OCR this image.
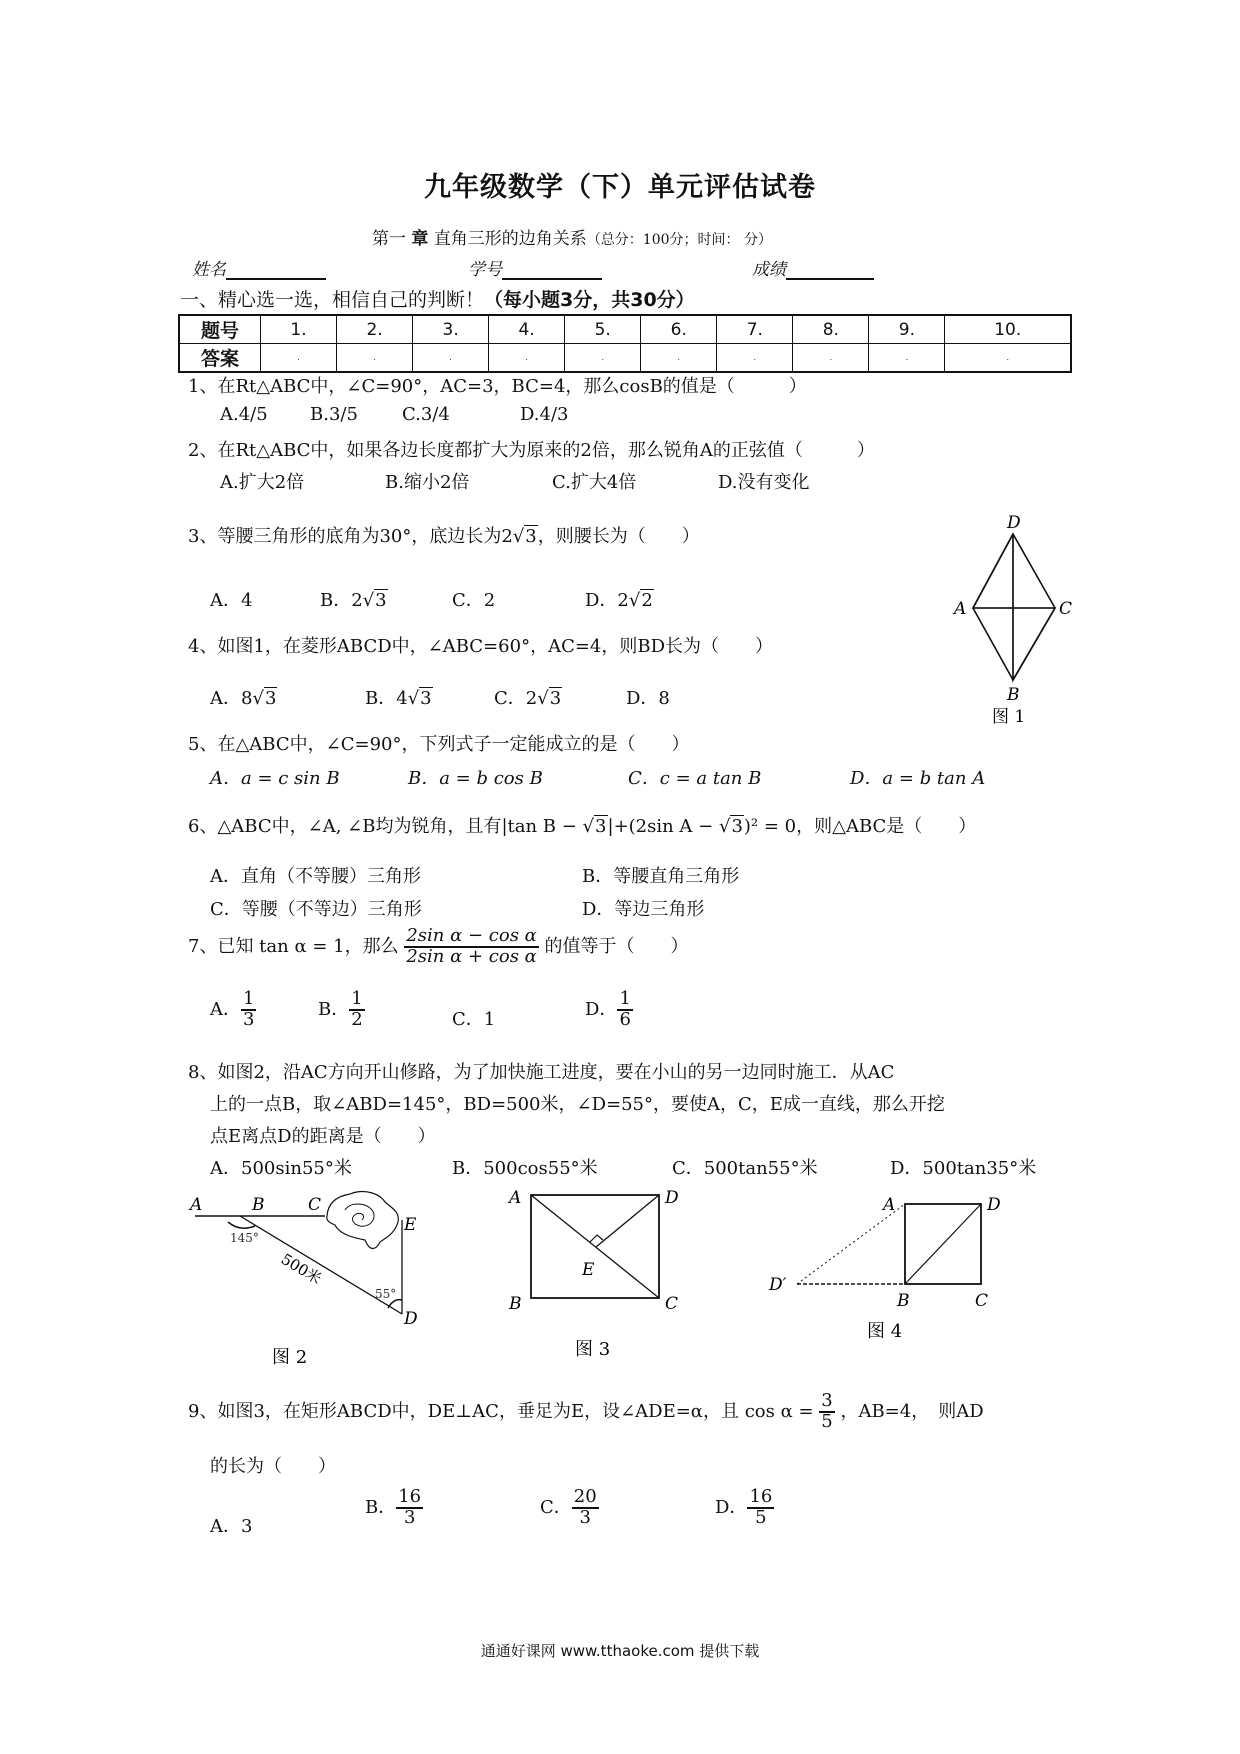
九年级数学（下）单元评估试卷
第一 章 直角三形的边角关系（总分：100分；时间： 分）
姓名	学号	成绩
一、精心选一选，相信自己的判断！（每小题3分，共30分）
题号	1.	2.	3.	4.	5.	6.	7.	8.	9.	10.
答案	.	.	.	.	.	.	.	.	.	.
1、在Rt△ABC中，∠C=90°，AC=3，BC=4，那么cosB的值是（　　　）
A.4/5 B.3/5 C.3/4	D.4/3
2、在Rt△ABC中，如果各边长度都扩大为原来的2倍，那么锐角A的正弦值（　　　）
A.扩大2倍	B.缩小2倍	C.扩大4倍	D.没有变化
3、等腰三角形的底角为30°，底边长为2√3，则腰长为（　　）
A．4	B．2√3	C．2	D．2√2
D
A	C
B
图 1
4、如图1，在菱形ABCD中，∠ABC=60°，AC=4，则BD长为（　　）
A．8√3	B．4√3	C．2√3	D．8
5、在△ABC中，∠C=90°，下列式子一定能成立的是（　　）
A．a = c sin B	B．a = b cos B	C．c = a tan B	D．a = b tan A
6、△ABC中，∠A, ∠B均为锐角，且有|tan B − √3|+(2sin A − √3)² = 0，则△ABC是（　　）
A．直角（不等腰）三角形	B．等腰直角三角形
C．等腰（不等边）三角形	D．等边三角形
7、已知 tan α = 1，那么 $\frac{\text{2sin α − cos α}}{\text{2sin α + cos α}}$ 的值等于（　　）
A． $\frac{1}{3}$	B． $\frac{1}{2}$	C．1	D． $\frac{1}{6}$
8、如图2，沿AC方向开山修路，为了加快施工进度，要在小山的另一边同时施工．从AC
上的一点B，取∠ABD=145°，BD=500米，∠D=55°，要使A，C，E成一直线，那么开挖
点E离点D的距离是（　　）
A．500sin55°米	B．500cos55°米	C．500tan55°米	D．500tan35°米
A	B	C
E
D
145°
55°
500米
图 2
A	D
B	C
E
图 3
A	D
D′
B	C
图 4
9、如图3，在矩形ABCD中，DE⊥AC，垂足为E，设∠ADE=α，且 $\cos \alpha = \frac{3}{5}$ ，AB=4，　则AD
的长为（　　）
A．3
B． $\frac{16}{3}$	C． $\frac{20}{3}$	D． $\frac{16}{5}$
通通好课网 www.tthaoke.com 提供下载
